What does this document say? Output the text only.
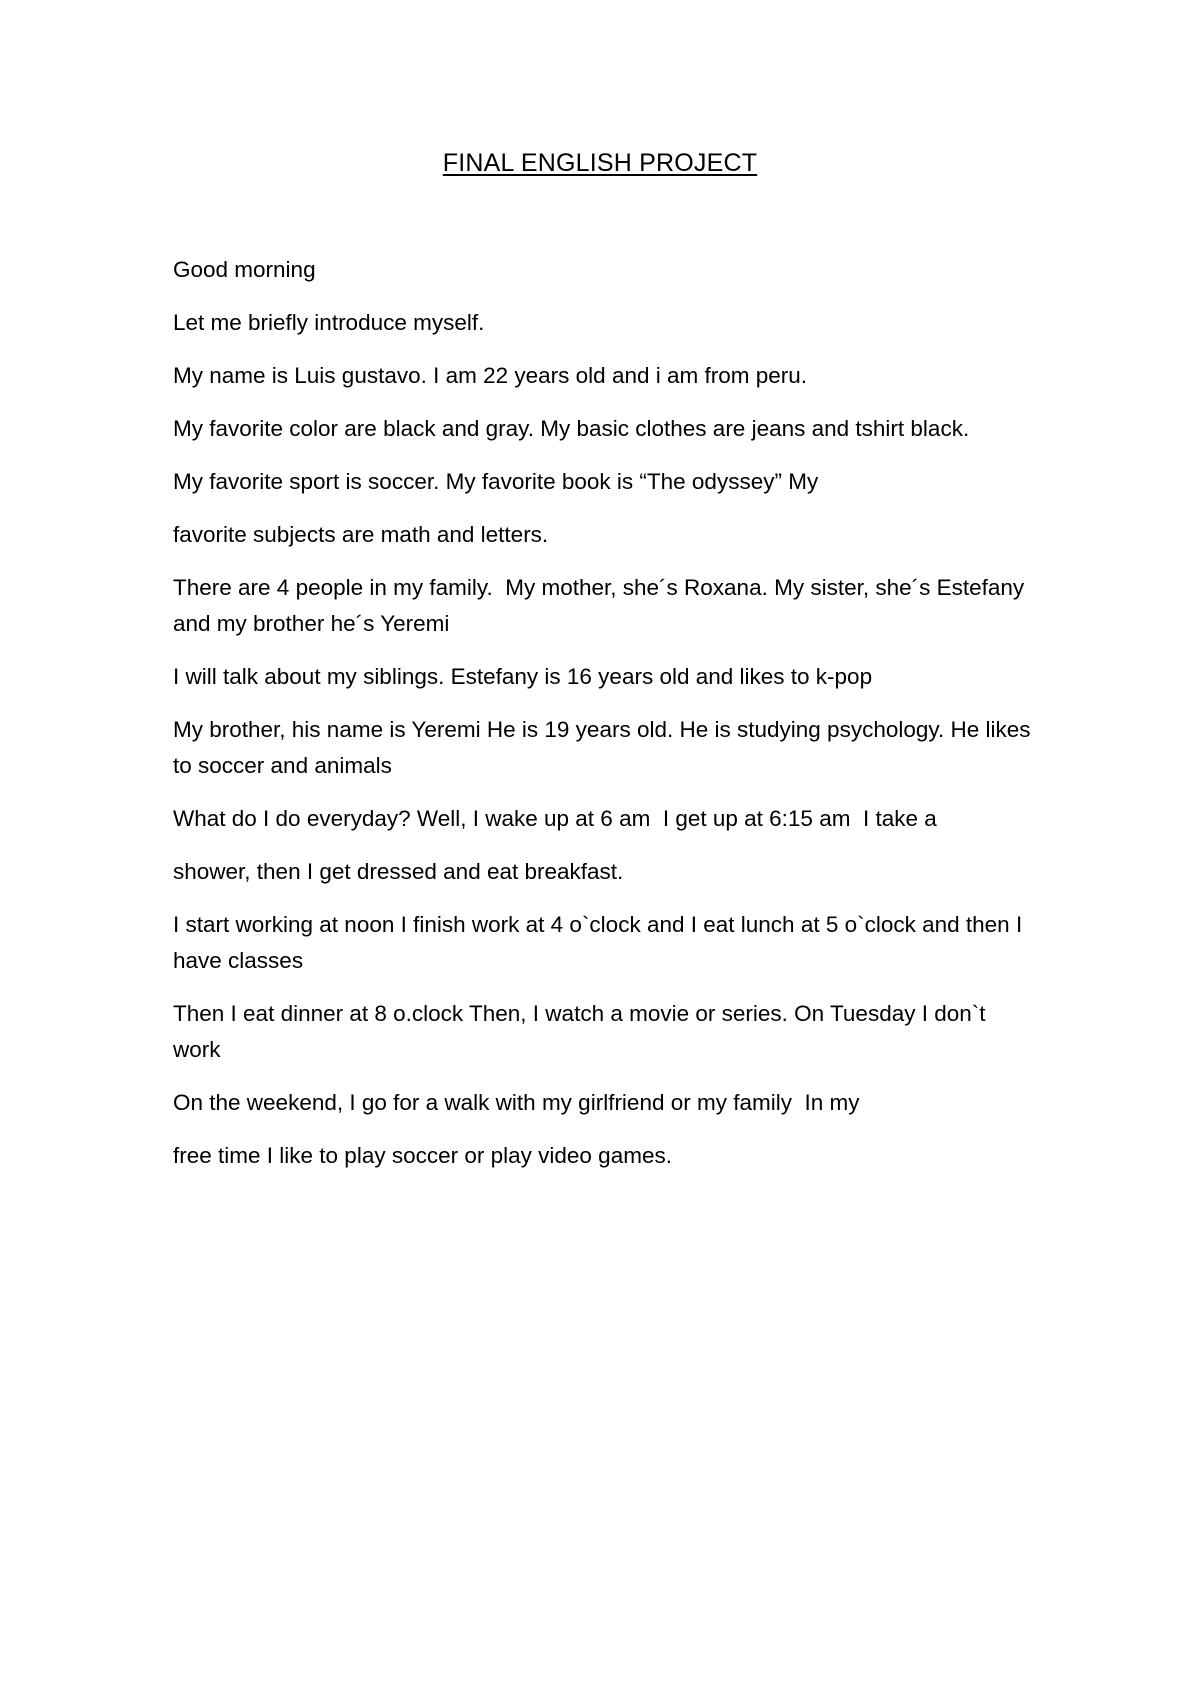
FINAL ENGLISH PROJECT

Good morning

Let me briefly introduce myself.

My name is Luis gustavo. I am 22 years old and i am from peru.

My favorite color are black and gray. My basic clothes are jeans and tshirt black.

My favorite sport is soccer. My favorite book is “The odyssey” My

favorite subjects are math and letters.

There are 4 people in my family.  My mother, she´s Roxana. My sister, she´s Estefany and my brother he´s Yeremi

I will talk about my siblings. Estefany is 16 years old and likes to k-pop

My brother, his name is Yeremi He is 19 years old. He is studying psychology. He likes to soccer and animals

What do I do everyday? Well, I wake up at 6 am  I get up at 6:15 am  I take a

shower, then I get dressed and eat breakfast.

I start working at noon I finish work at 4 o`clock and I eat lunch at 5 o`clock and then I have classes

Then I eat dinner at 8 o.clock Then, I watch a movie or series. On Tuesday I don`t work

On the weekend, I go for a walk with my girlfriend or my family  In my

free time I like to play soccer or play video games.
